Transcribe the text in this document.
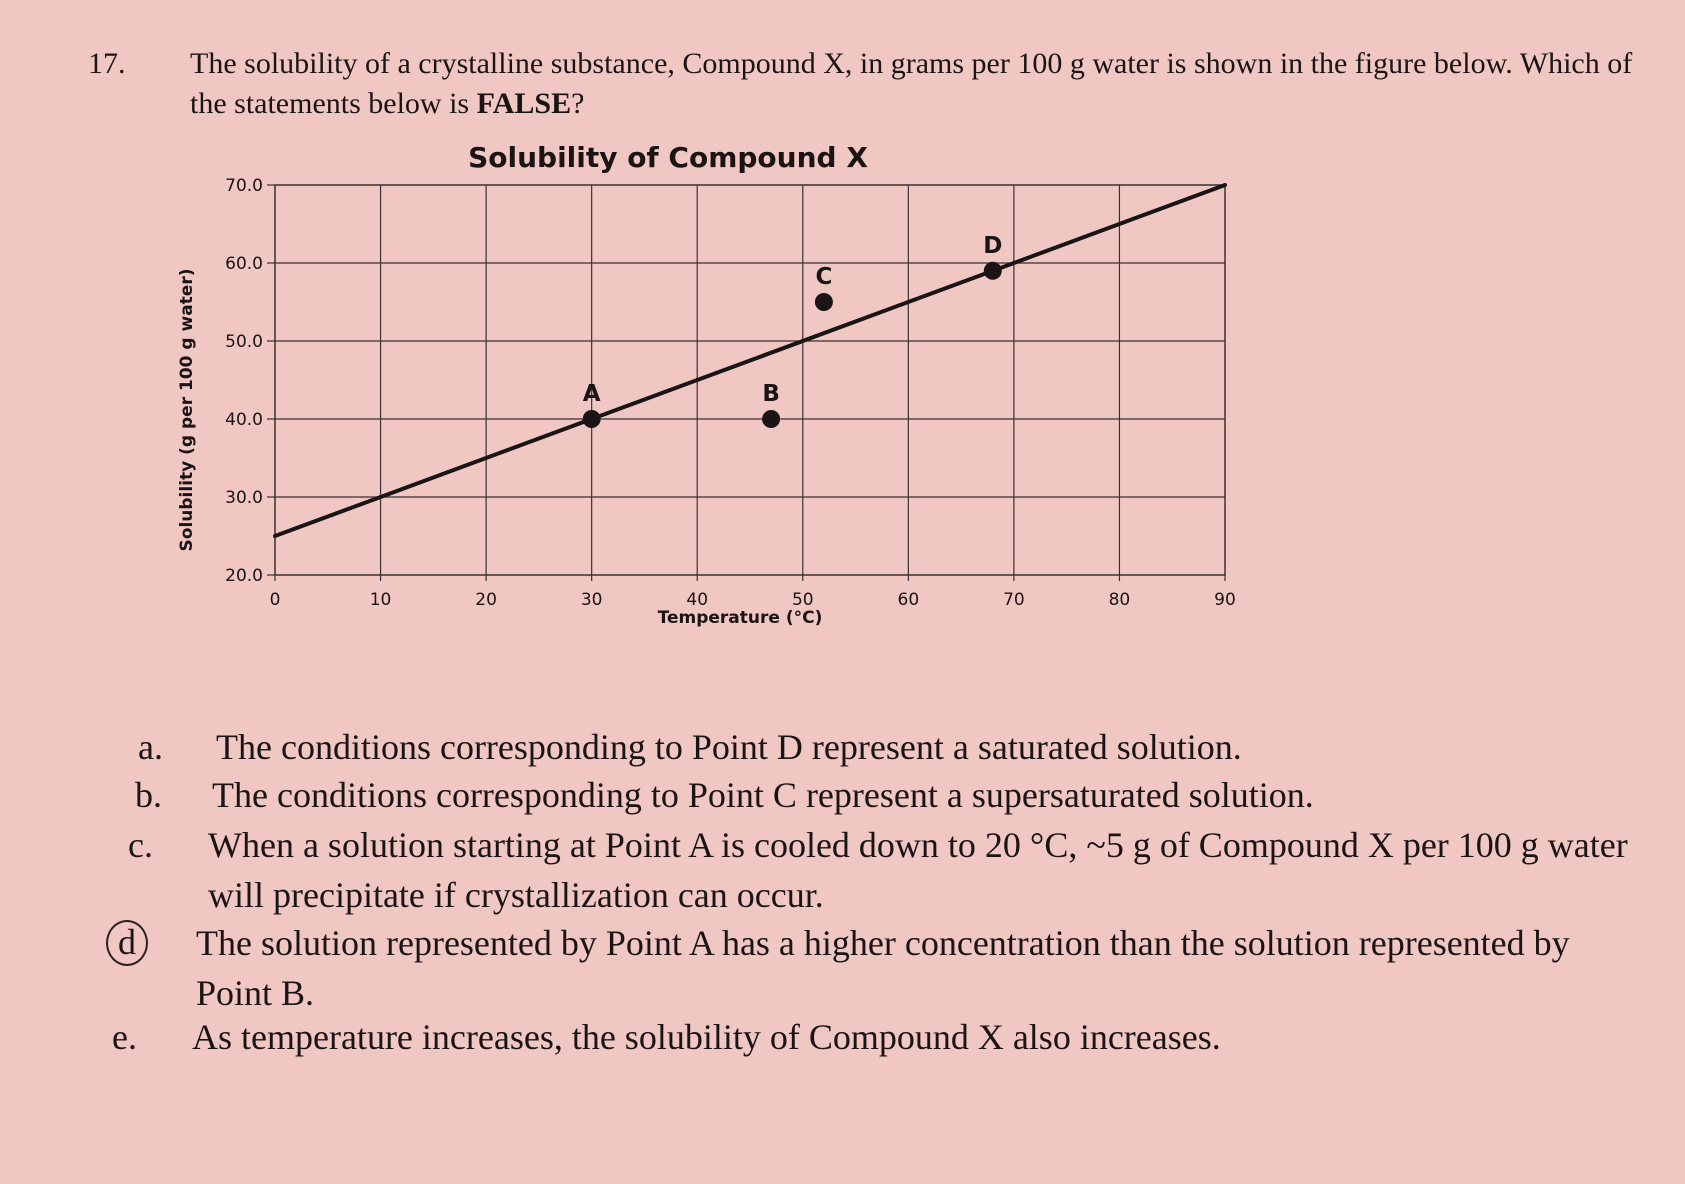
17. The solubility of a crystalline substance, Compound X, in grams per 100 g water is shown in the figure below. Which of the statements below is FALSE?
0	10	20	30	40	50	60	70	80	90
20.0
30.0
40.0
50.0
60.0
70.0
A	B
C
D
Solubility of Compound X
Temperature (°C)
Solubility (g per 100 g water)
a. The conditions corresponding to Point D represent a saturated solution.
b. The conditions corresponding to Point C represent a supersaturated solution.
c. When a solution starting at Point A is cooled down to 20 °C, ~5 g of Compound X per 100 g water will precipitate if crystallization can occur.
d	The solution represented by Point A has a higher concentration than the solution represented by Point B.
e. As temperature increases, the solubility of Compound X also increases.
